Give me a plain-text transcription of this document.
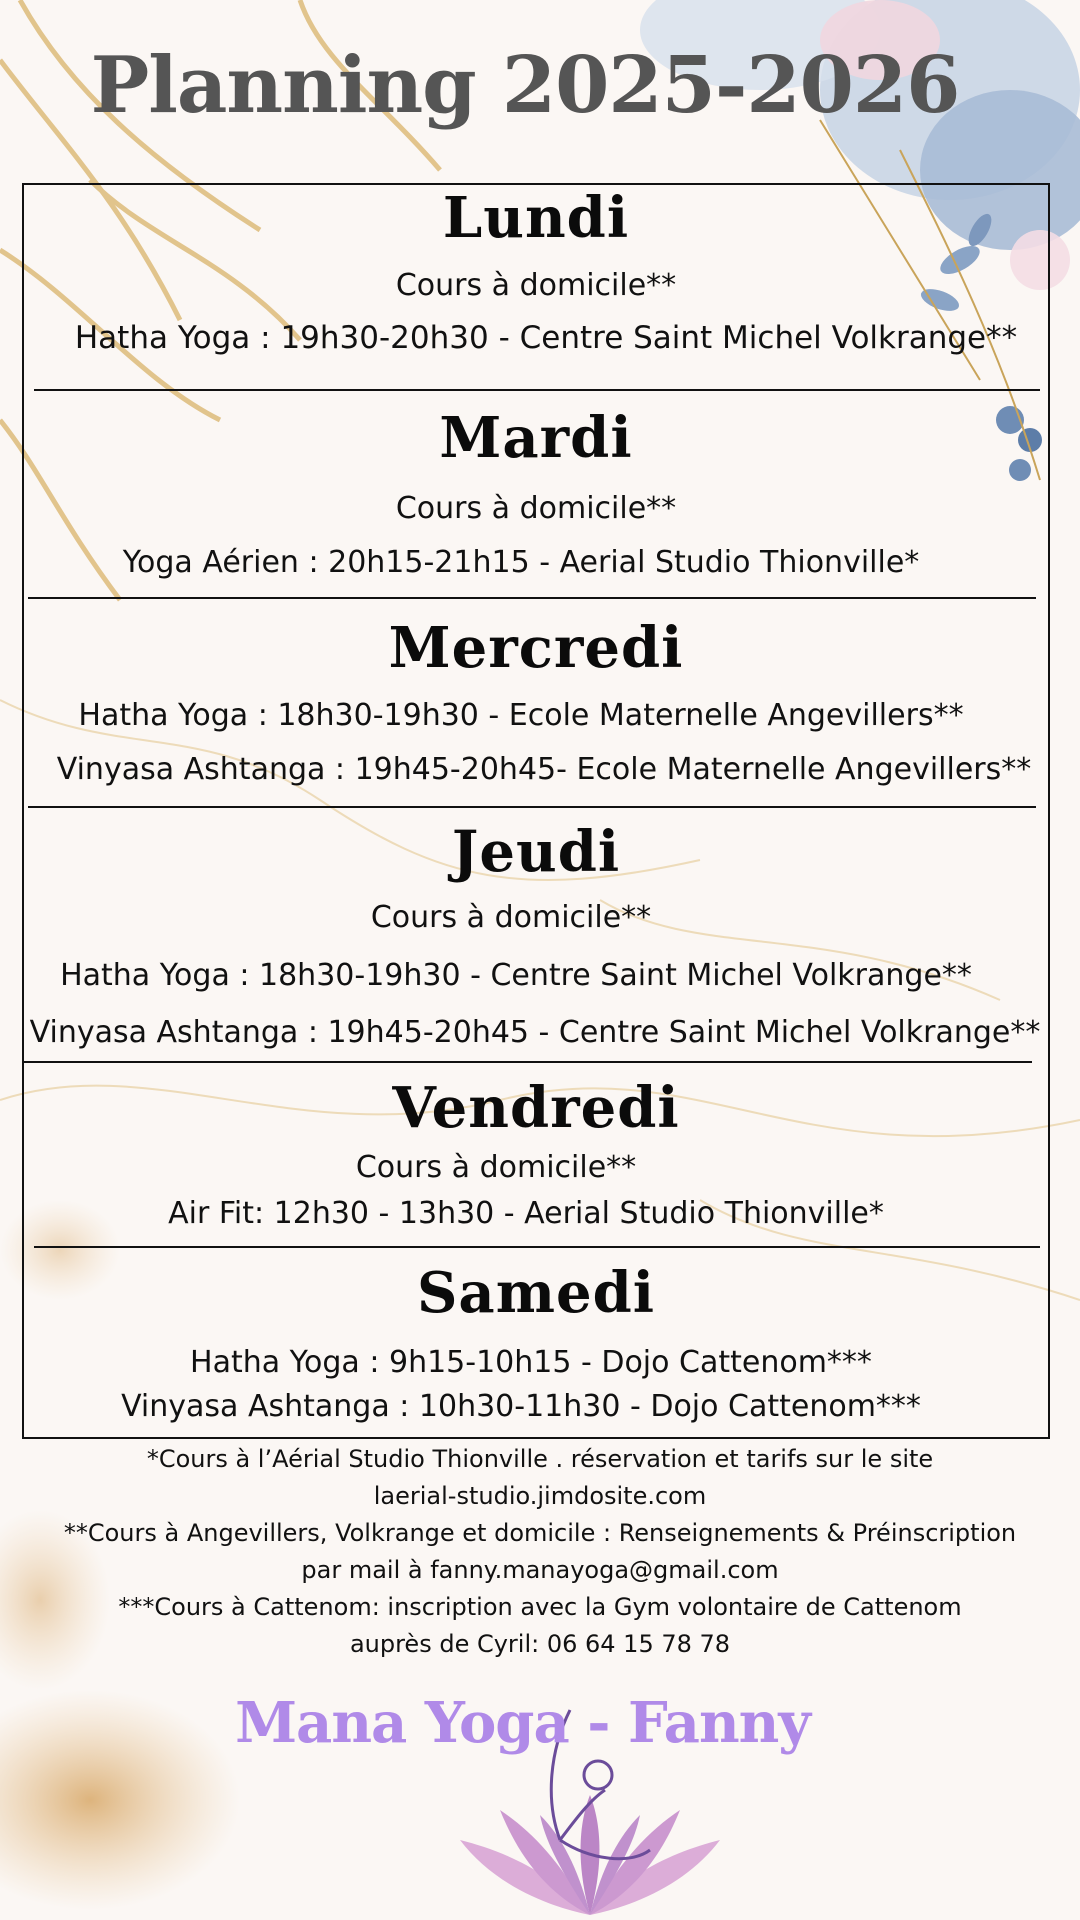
Planning 2025-2026
Lundi
Cours à domicile**
Hatha Yoga : 19h30-20h30 - Centre Saint Michel Volkrange**
Mardi
Cours à domicile**
Yoga Aérien : 20h15-21h15 - Aerial Studio Thionville*
Mercredi
Hatha Yoga : 18h30-19h30 - Ecole Maternelle Angevillers**
Vinyasa Ashtanga : 19h45-20h45- Ecole Maternelle Angevillers**
Jeudi
Cours à domicile**
Hatha Yoga : 18h30-19h30 - Centre Saint Michel Volkrange**
Vinyasa Ashtanga : 19h45-20h45 - Centre Saint Michel Volkrange**
Vendredi
Cours à domicile**
Air Fit: 12h30 - 13h30 - Aerial Studio Thionville*
Samedi
Hatha Yoga : 9h15-10h15 - Dojo Cattenom***
Vinyasa Ashtanga : 10h30-11h30 - Dojo Cattenom***
*Cours à l’Aérial Studio Thionville . réservation et tarifs sur le site
laerial-studio.jimdosite.com
**Cours à Angevillers, Volkrange et domicile : Renseignements & Préinscription
par mail à fanny.manayoga@gmail.com
***Cours à Cattenom: inscription avec la Gym volontaire de Cattenom
auprès de Cyril: 06 64 15 78 78
Mana Yoga - Fanny
